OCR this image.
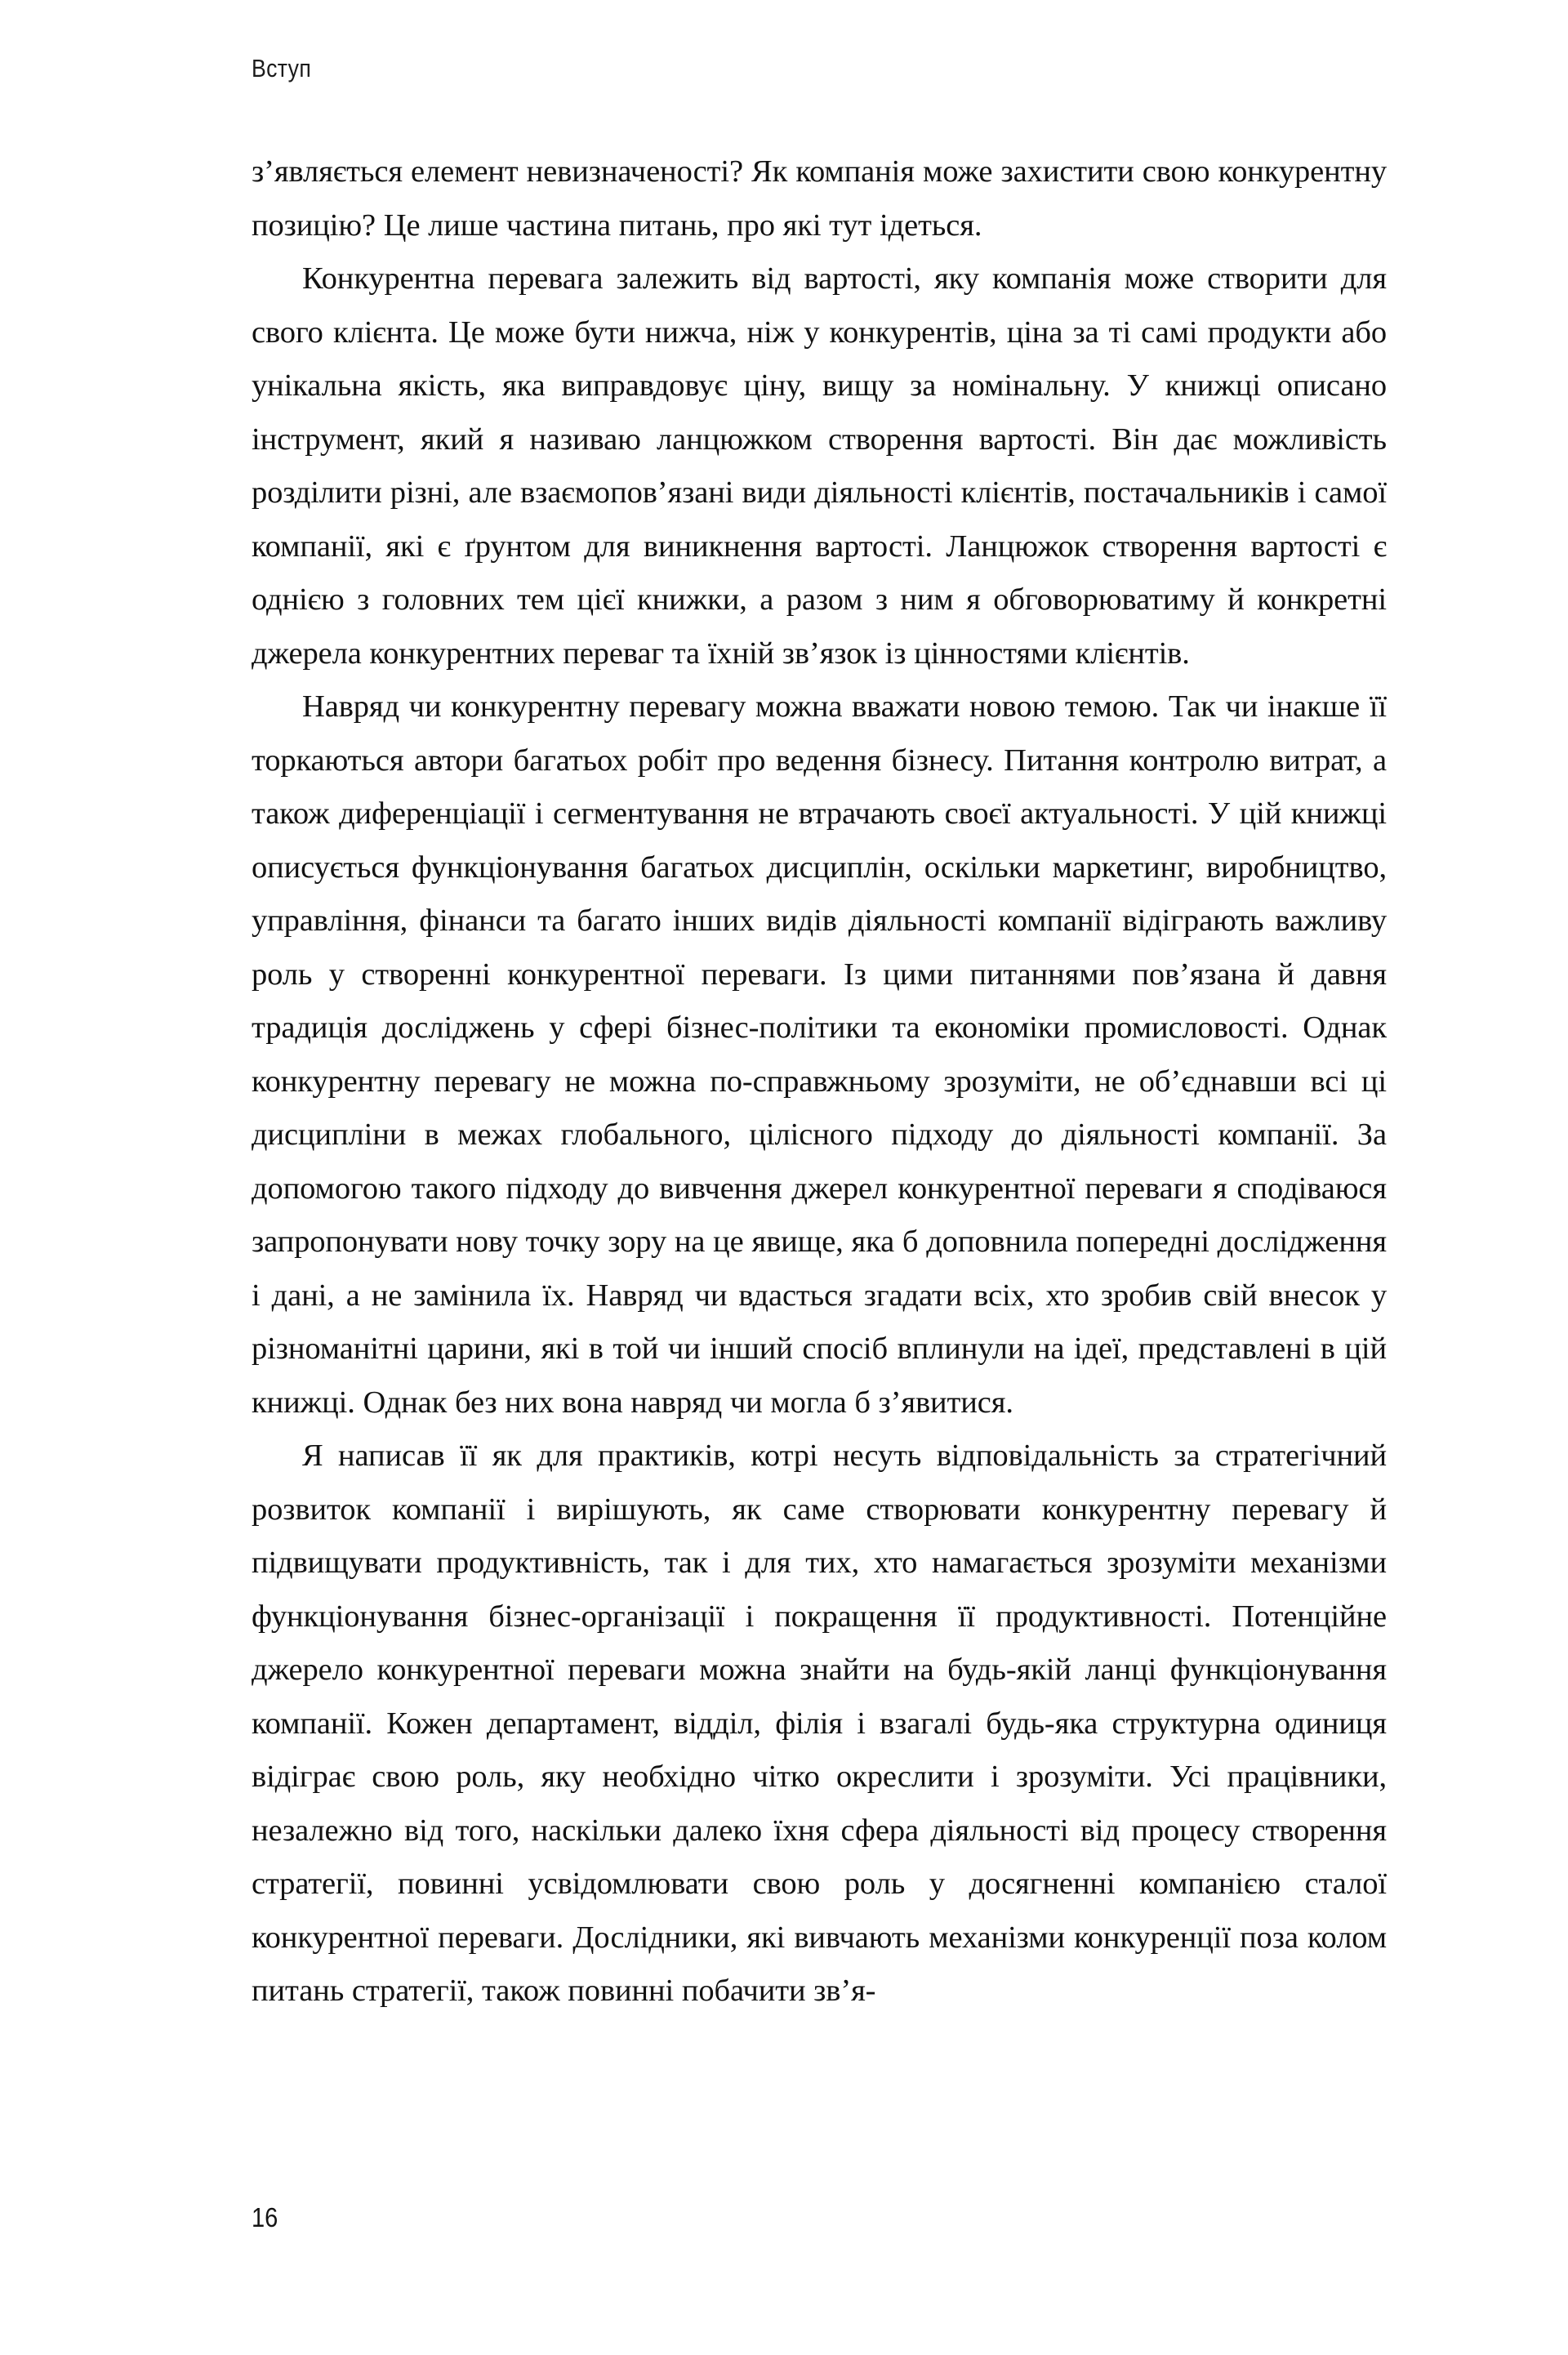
Вступ

з’являється елемент невизначеності? Як компанія може захистити свою конкурентну позицію? Це лише частина питань, про які тут ідеться.

Конкурентна перевага залежить від вартості, яку компанія може створити для свого клієнта. Це може бути нижча, ніж у конкурентів, ціна за ті самі продукти або унікальна якість, яка виправдовує ціну, вищу за номінальну. У книжці описано інструмент, який я називаю ланцюжком створення вартості. Він дає можливість розділити різні, але взаємопов’язані види діяльності клієнтів, постачальників і самої компанії, які є ґрунтом для виникнення вартості. Ланцюжок створення вартості є однією з головних тем цієї книжки, а разом з ним я обговорюватиму й конкретні джерела конкурентних переваг та їхній зв’язок із цінностями клієнтів.

Навряд чи конкурентну перевагу можна вважати новою темою. Так чи інакше її торкаються автори багатьох робіт про ведення бізнесу. Питання контролю витрат, а також диференціації і сегментування не втрачають своєї актуальності. У цій книжці описується функціонування багатьох дисциплін, оскільки маркетинг, виробництво, управління, фінанси та багато інших видів діяльності компанії відіграють важливу роль у створенні конкурентної переваги. Із цими питаннями пов’язана й давня традиція досліджень у сфері бізнес-політики та економіки промисловості. Однак конкурентну перевагу не можна по-справжньому зрозуміти, не об’єднавши всі ці дисципліни в межах глобального, цілісного підходу до діяльності компанії. За допомогою такого підходу до вивчення джерел конкурентної переваги я сподіваюся запропонувати нову точку зору на це явище, яка б доповнила попередні дослідження і дані, а не замінила їх. Навряд чи вдасться згадати всіх, хто зробив свій внесок у різноманітні царини, які в той чи інший спосіб вплинули на ідеї, представлені в цій книжці. Однак без них вона навряд чи могла б з’явитися.

Я написав її як для практиків, котрі несуть відповідальність за стратегічний розвиток компанії і вирішують, як саме створювати конкурентну перевагу й підвищувати продуктивність, так і для тих, хто намагається зрозуміти механізми функціонування бізнес-організації і покращення її продуктивності. Потенційне джерело конкурентної переваги можна знайти на будь-якій ланці функціонування компанії. Кожен департамент, відділ, філія і взагалі будь-яка структурна одиниця відіграє свою роль, яку необхідно чітко окреслити і зрозуміти. Усі працівники, незалежно від того, наскільки далеко їхня сфера діяльності від процесу створення стратегії, повинні усвідомлювати свою роль у досягненні компанією сталої конкурентної переваги. Дослідники, які вивчають механізми конкуренції поза колом питань стратегії, також повинні побачити зв’я-

16
